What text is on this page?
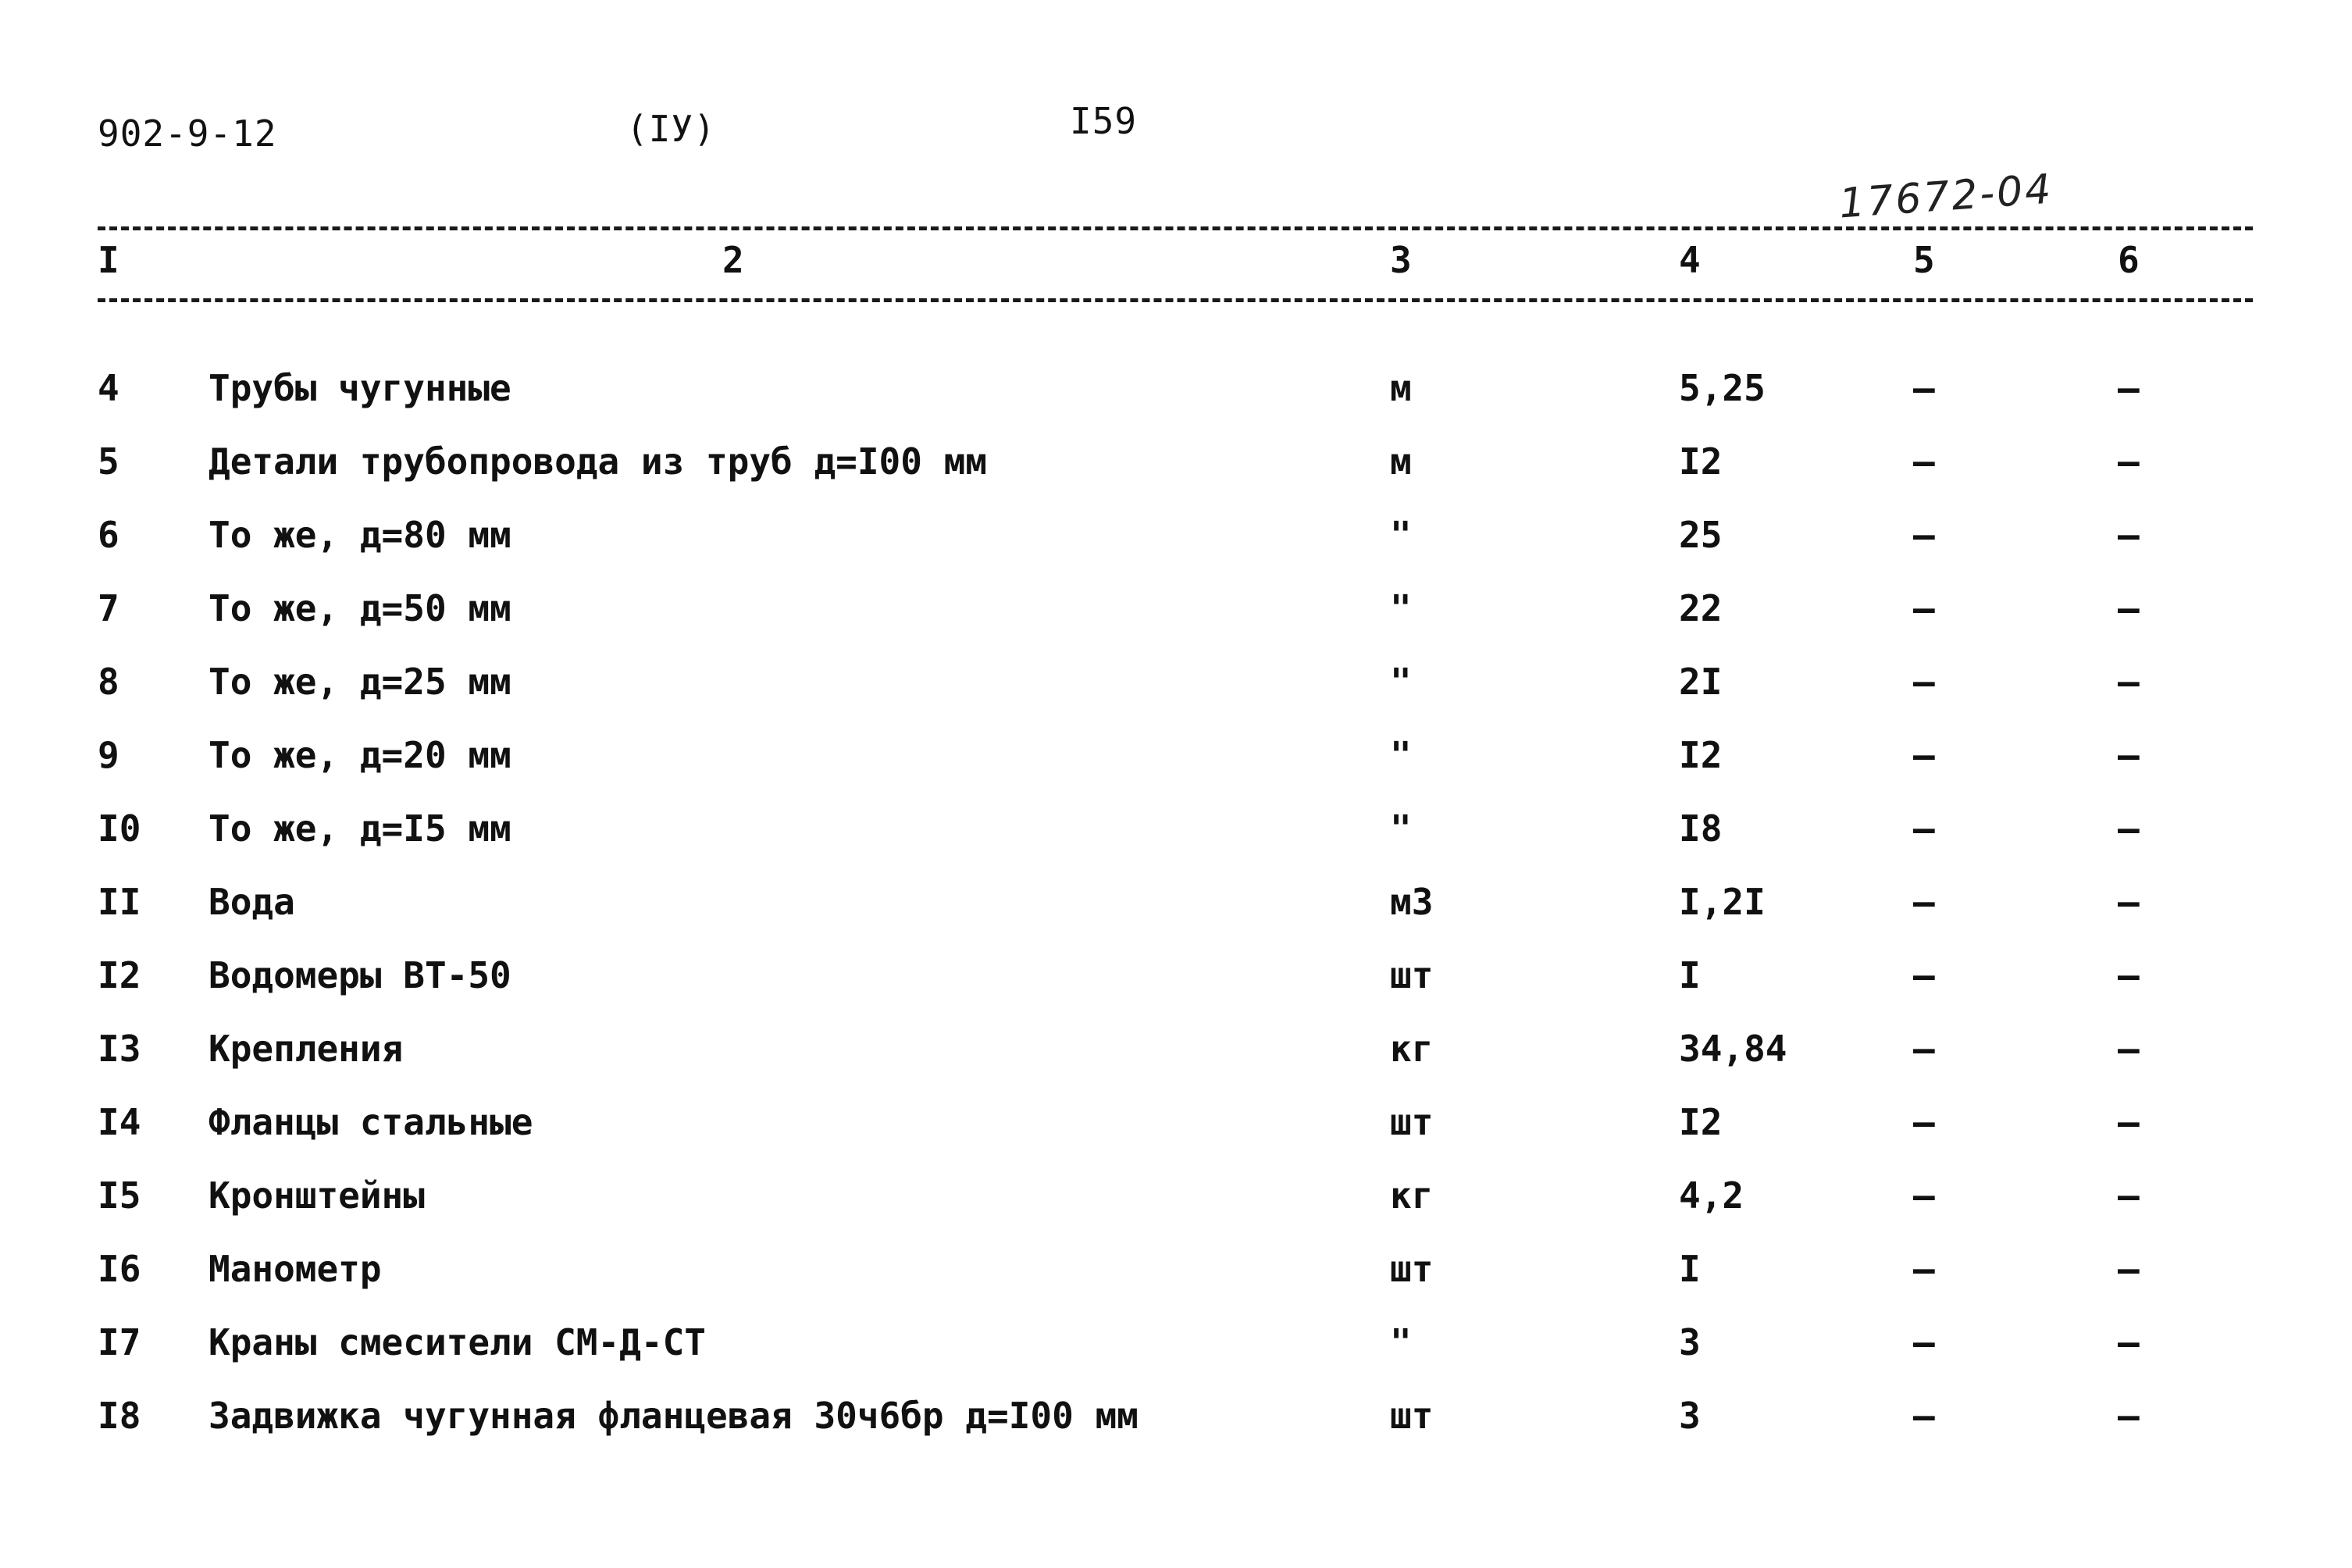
902-9-12	(IУ)	I59
17672-04
I	2	3	4	5	6
4 Трубы чугунные	м	5,25	–	–
5 Детали трубопровода из труб д=I00 мм	м	I2	–	–
6 То же, д=80 мм	"	25	–	–
7 То же, д=50 мм	"	22	–	–
8 То же, д=25 мм	"	2I	–	–
9 То же, д=20 мм	"	I2	–	–
I0 То же, д=I5 мм	"	I8	–	–
II Вода	м3	I,2I	–	–
I2 Водомеры ВТ-50	шт	I	–	–
I3 Крепления	кг	34,84	–	–
I4 Фланцы стальные	шт	I2	–	–
I5 Кронштейны	кг	4,2	–	–
I6 Манометр	шт	I	–	–
I7 Краны смесители СМ-Д-СТ	"	3	–	–
I8 Задвижка чугунная фланцевая 30ч6бр д=I00 мм	шт	3	–	–
